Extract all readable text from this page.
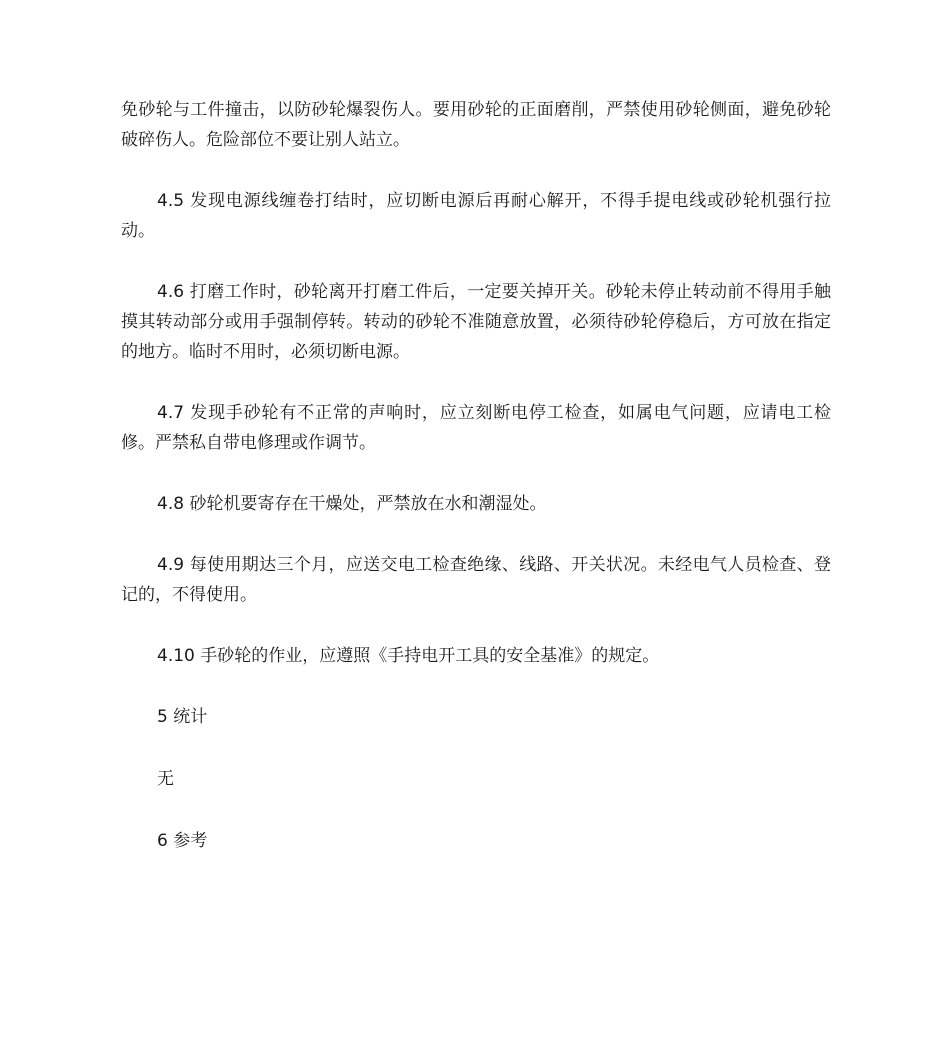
免砂轮与工件撞击，以防砂轮爆裂伤人。要用砂轮的正面磨削，严禁使用砂轮侧面，避免砂轮破碎伤人。危险部位不要让别人站立。

4.5 发现电源线缠卷打结时，应切断电源后再耐心解开，不得手提电线或砂轮机强行拉动。

4.6 打磨工作时，砂轮离开打磨工件后，一定要关掉开关。砂轮未停止转动前不得用手触摸其转动部分或用手强制停转。转动的砂轮不准随意放置，必须待砂轮停稳后，方可放在指定的地方。临时不用时，必须切断电源。

4.7 发现手砂轮有不正常的声响时，应立刻断电停工检查，如属电气问题，应请电工检修。严禁私自带电修理或作调节。

4.8 砂轮机要寄存在干燥处，严禁放在水和潮湿处。

4.9 每使用期达三个月，应送交电工检查绝缘、线路、开关状况。未经电气人员检查、登记的，不得使用。

4.10 手砂轮的作业，应遵照《手持电开工具的安全基准》的规定。

5 统计

无

6 参考
